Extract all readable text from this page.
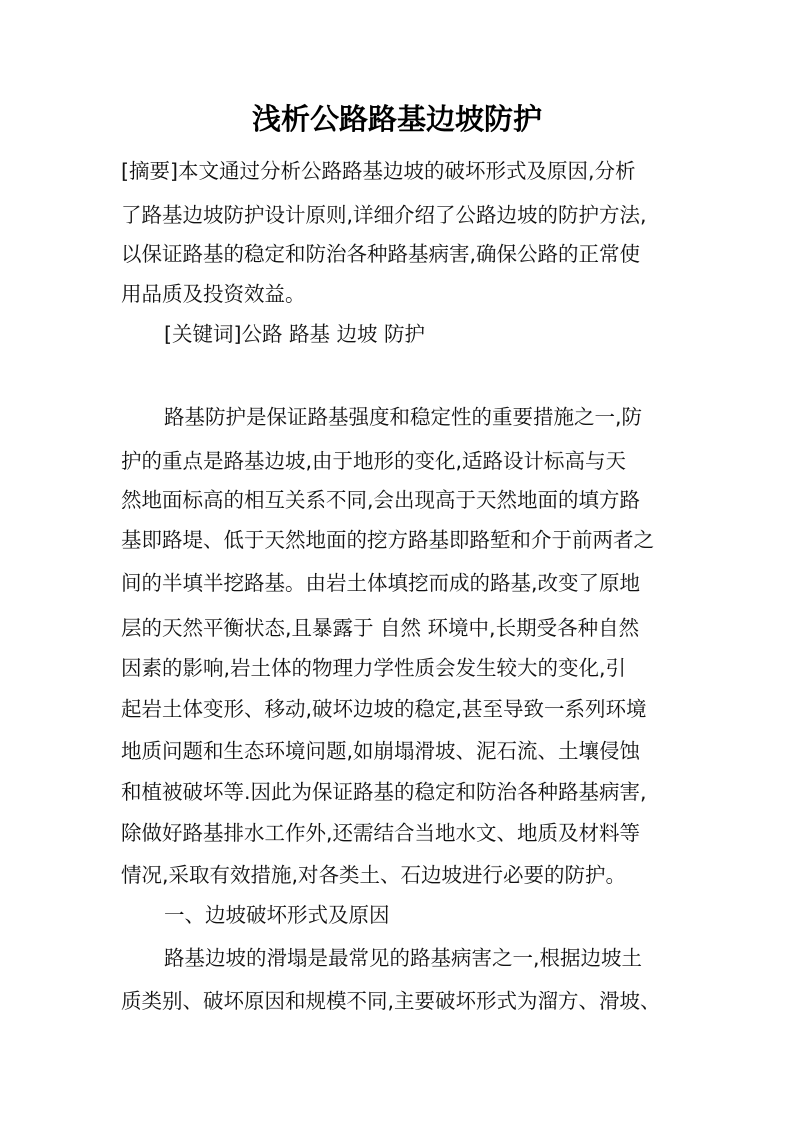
浅析公路路基边坡防护
[摘要]本文通过分析公路路基边坡的破坏形式及原因,分析
了路基边坡防护设计原则,详细介绍了公路边坡的防护方法,
以保证路基的稳定和防治各种路基病害,确保公路的正常使
用品质及投资效益。
[关键词]公路 路基 边坡 防护
路基防护是保证路基强度和稳定性的重要措施之一,防
护的重点是路基边坡,由于地形的变化,适路设计标高与天
然地面标高的相互关系不同,会出现高于天然地面的填方路
基即路堤、低于天然地面的挖方路基即路堑和介于前两者之
间的半填半挖路基。由岩土体填挖而成的路基,改变了原地
层的天然平衡状态,且暴露于 自然 环境中,长期受各种自然
因素的影响,岩土体的物理力学性质会发生较大的变化,引
起岩土体变形、移动,破坏边坡的稳定,甚至导致一系列环境
地质问题和生态环境问题,如崩塌滑坡、泥石流、土壤侵蚀
和植被破坏等.因此为保证路基的稳定和防治各种路基病害,
除做好路基排水工作外,还需结合当地水文、地质及材料等
情况,采取有效措施,对各类土、石边坡进行必要的防护。
一、边坡破坏形式及原因
路基边坡的滑塌是最常见的路基病害之一,根据边坡土
质类别、破坏原因和规模不同,主要破坏形式为溜方、滑坡、
